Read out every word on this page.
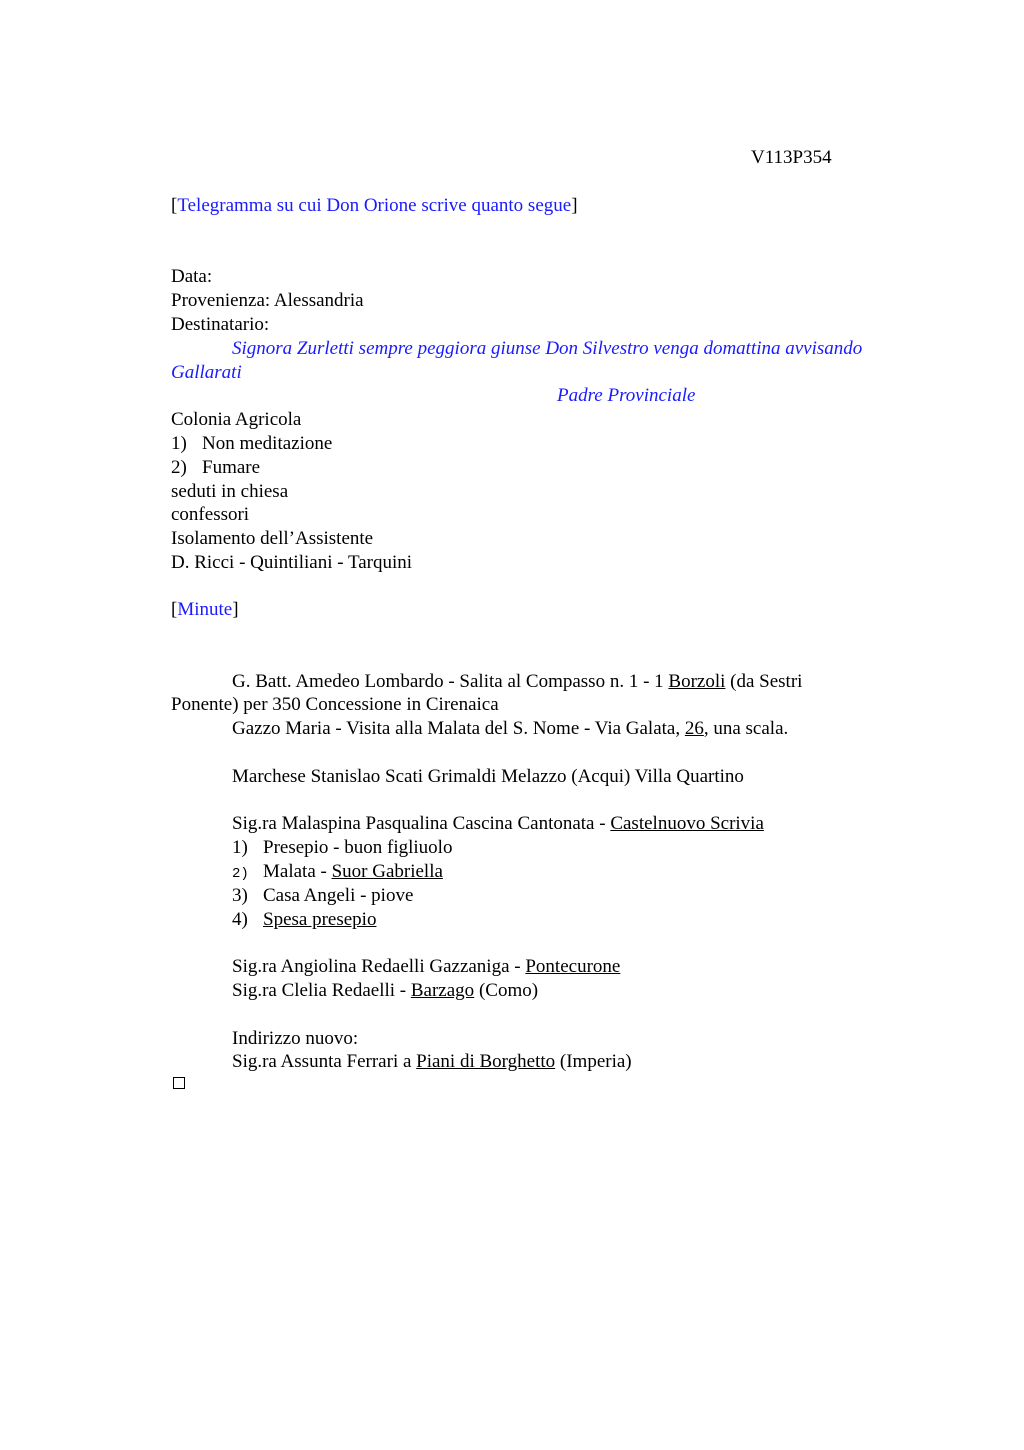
V113P354
[Telegramma su cui Don Orione scrive quanto segue]
Data:
Provenienza: Alessandria
Destinatario:
Signora Zurletti sempre peggiora giunse Don Silvestro venga domattina avvisando
Gallarati
Padre Provinciale
Colonia Agricola
1) Non meditazione
2) Fumare
seduti in chiesa
confessori
Isolamento dell’Assistente
D. Ricci - Quintiliani - Tarquini
[Minute]
G. Batt. Amedeo Lombardo - Salita al Compasso n. 1 - 1 Borzoli (da Sestri
Ponente) per 350 Concessione in Cirenaica
Gazzo Maria - Visita alla Malata del S. Nome - Via Galata, 26, una scala.
Marchese Stanislao Scati Grimaldi Melazzo (Acqui) Villa Quartino
Sig.ra Malaspina Pasqualina Cascina Cantonata - Castelnuovo Scrivia
1) Presepio - buon figliuolo
2) Malata - Suor Gabriella
3) Casa Angeli - piove
4) Spesa presepio
Sig.ra Angiolina Redaelli Gazzaniga - Pontecurone
Sig.ra Clelia Redaelli - Barzago (Como)
Indirizzo nuovo:
Sig.ra Assunta Ferrari a Piani di Borghetto (Imperia)
